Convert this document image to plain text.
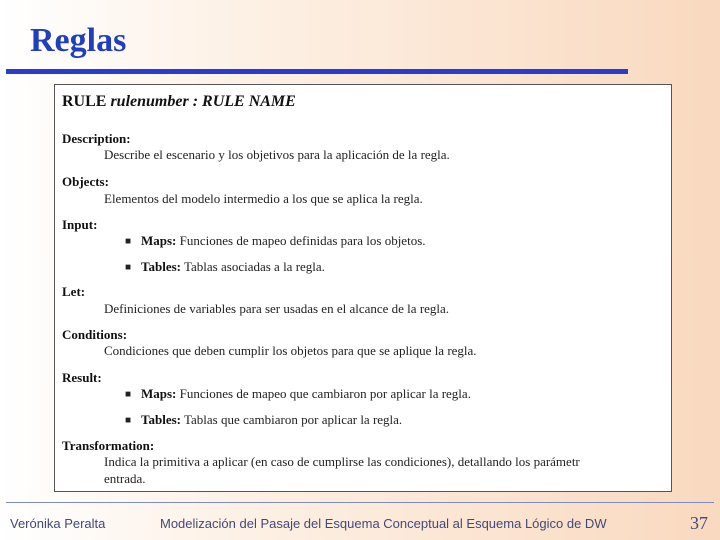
Reglas
RULE rulenumber : RULE NAME
Description:
Describe el escenario y los objetivos para la aplicación de la regla.
Objects:
Elementos del modelo intermedio a los que se aplica la regla.
Input:
■ Maps: Funciones de mapeo definidas para los objetos.
■ Tables: Tablas asociadas a la regla.
Let:
Definiciones de variables para ser usadas en el alcance de la regla.
Conditions:
Condiciones que deben cumplir los objetos para que se aplique la regla.
Result:
■ Maps: Funciones de mapeo que cambiaron por aplicar la regla.
■ Tables: Tablas que cambiaron por aplicar la regla.
Transformation:
Indica la primitiva a aplicar (en caso de cumplirse las condiciones), detallando los parámetr
entrada.
Verónika Peralta	Modelización del Pasaje del Esquema Conceptual al Esquema Lógico de DW	37
